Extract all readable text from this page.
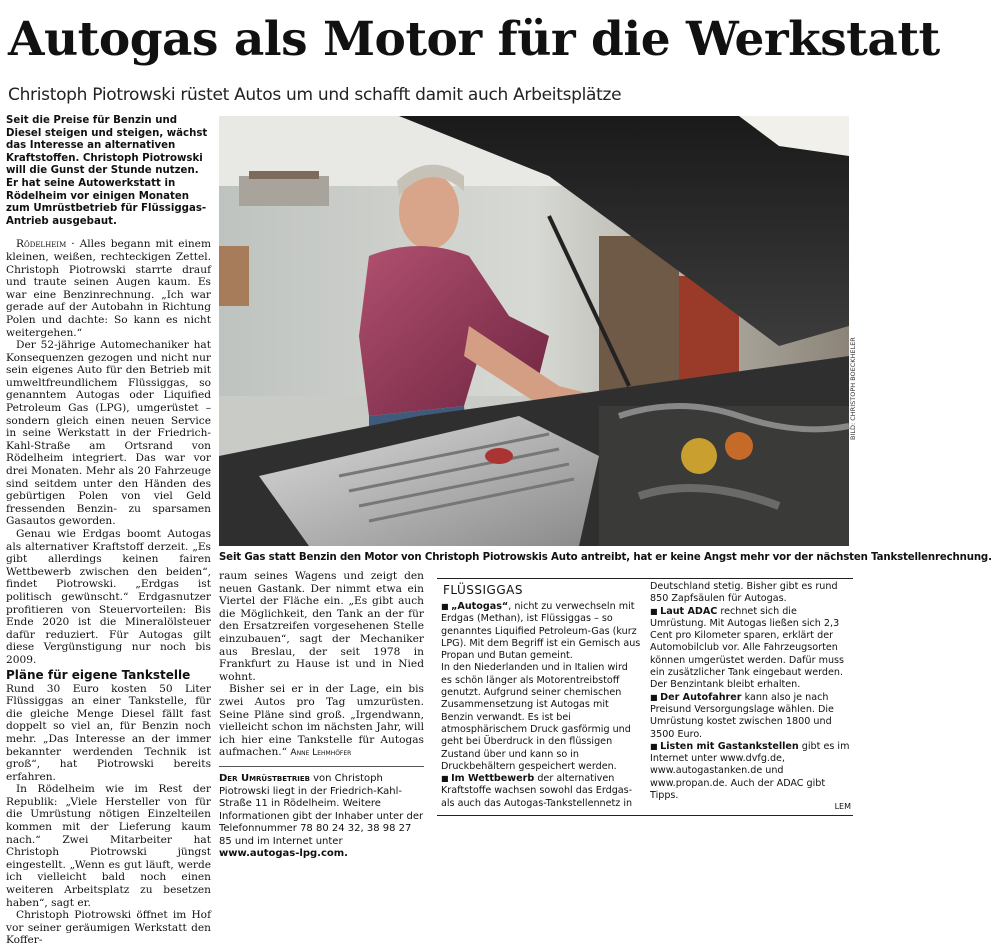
Autogas als Motor für die Werkstatt
Christoph Piotrowski rüstet Autos um und schafft damit auch Arbeitsplätze

Seit die Preise für Benzin und Diesel steigen und steigen, wächst das Interesse an alternativen Kraftstoffen. Christoph Piotrowski will die Gunst der Stunde nutzen. Er hat seine Autowerkstatt in Rödelheim vor einigen Monaten zum Umrüstbetrieb für Flüssiggas-Antrieb ausgebaut.

Rödelheim · Alles begann mit einem kleinen, weißen, rechteckigen Zettel. Christoph Piotrowski starrte drauf und traute seinen Augen kaum. Es war eine Benzinrechnung. „Ich war gerade auf der Autobahn in Richtung Polen und dachte: So kann es nicht weitergehen.“

Der 52-jährige Automechaniker hat Konsequenzen gezogen und nicht nur sein eigenes Auto für den Betrieb mit umweltfreundlichem Flüssiggas, so genanntem Autogas oder Liquified Petroleum Gas (LPG), umgerüstet – sondern gleich einen neuen Service in seine Werkstatt in der Friedrich-Kahl-Straße am Ortsrand von Rödelheim integriert. Das war vor drei Monaten. Mehr als 20 Fahrzeuge sind seitdem unter den Händen des gebürtigen Polen von viel Geld fressenden Benzin- zu sparsamen Gasautos geworden.

Genau wie Erdgas boomt Autogas als alternativer Kraftstoff derzeit. „Es gibt allerdings keinen fairen Wettbewerb zwischen den beiden“, findet Piotrowski. „Erdgas ist politisch gewünscht.“ Erdgasnutzer profitieren von Steuervorteilen: Bis Ende 2020 ist die Mineralölsteuer dafür reduziert. Für Autogas gilt diese Vergünstigung nur noch bis 2009.

Pläne für eigene Tankstelle

Rund 30 Euro kosten 50 Liter Flüssiggas an einer Tankstelle, für die gleiche Menge Diesel fällt fast doppelt so viel an, für Benzin noch mehr. „Das Interesse an der immer bekannter werdenden Technik ist groß“, hat Piotrowski bereits erfahren.

In Rödelheim wie im Rest der Republik: „Viele Hersteller von für die Umrüstung nötigen Einzelteilen kommen mit der Lieferung kaum nach.“ Zwei Mitarbeiter hat Christoph Piotrowski jüngst eingestellt. „Wenn es gut läuft, werde ich vielleicht bald noch einen weiteren Arbeitsplatz zu besetzen haben“, sagt er.

Christoph Piotrowski öffnet im Hof vor seiner geräumigen Werkstatt den Koffer-

BILD: CHRISTOPH BOECKHELER
Seit Gas statt Benzin den Motor von Christoph Piotrowskis Auto antreibt, hat er keine Angst mehr vor der nächsten Tankstellenrechnung.

raum seines Wagens und zeigt den neuen Gastank. Der nimmt etwa ein Viertel der Fläche ein. „Es gibt auch die Möglichkeit, den Tank an der für den Ersatzreifen vorgesehenen Stelle einzubauen“, sagt der Mechaniker aus Breslau, der seit 1978 in Frankfurt zu Hause ist und in Nied wohnt.

Bisher sei er in der Lage, ein bis zwei Autos pro Tag umzurüsten. Seine Pläne sind groß. „Irgendwann, vielleicht schon im nächsten Jahr, will ich hier eine Tankstelle für Autogas aufmachen.“ Anne Lehmhöfer

Der Umrüstbetrieb von Christoph Piotrowski liegt in der Friedrich-Kahl-Straße 11 in Rödelheim. Weitere Informationen gibt der Inhaber unter der Telefonnummer 78 80 24 32, 38 98 27 85 und im Internet unter
www.autogas-lpg.com.

■ „Autogas“, nicht zu verwechseln mit Erdgas (Methan), ist Flüssiggas – so genanntes Liquified Petroleum-Gas (kurz LPG). Mit dem Begriff ist ein Gemisch aus Propan und Butan gemeint.

In den Niederlanden und in Italien wird es schön länger als Motorentreibstoff genutzt. Aufgrund seiner chemischen Zusammensetzung ist Autogas mit Benzin verwandt. Es ist bei atmosphärischem Druck gasförmig und geht bei Überdruck in den flüssigen Zustand über und kann so in Druckbehältern gespeichert werden.

■ Im Wettbewerb der alternativen Kraftstoffe wachsen sowohl das Erdgas- als auch das Autogas-Tankstellennetz in

Deutschland stetig. Bisher gibt es rund 850 Zapfsäulen für Autogas.

■ Laut ADAC rechnet sich die Umrüstung. Mit Autogas ließen sich 2,3 Cent pro Kilometer sparen, erklärt der Automobilclub vor. Alle Fahrzeugsorten können umgerüstet werden. Dafür muss ein zusätzlicher Tank eingebaut werden. Der Benzintank bleibt erhalten.

■ Der Autofahrer kann also je nach Preisund Versorgungslage wählen. Die Umrüstung kostet zwischen 1800 und 3500 Euro.

■ Listen mit Gastankstellen gibt es im Internet unter www.dvfg.de, www.autogastanken.de und www.propan.de. Auch der ADAC gibt Tipps.

FLÜSSIGGAS
LEM
